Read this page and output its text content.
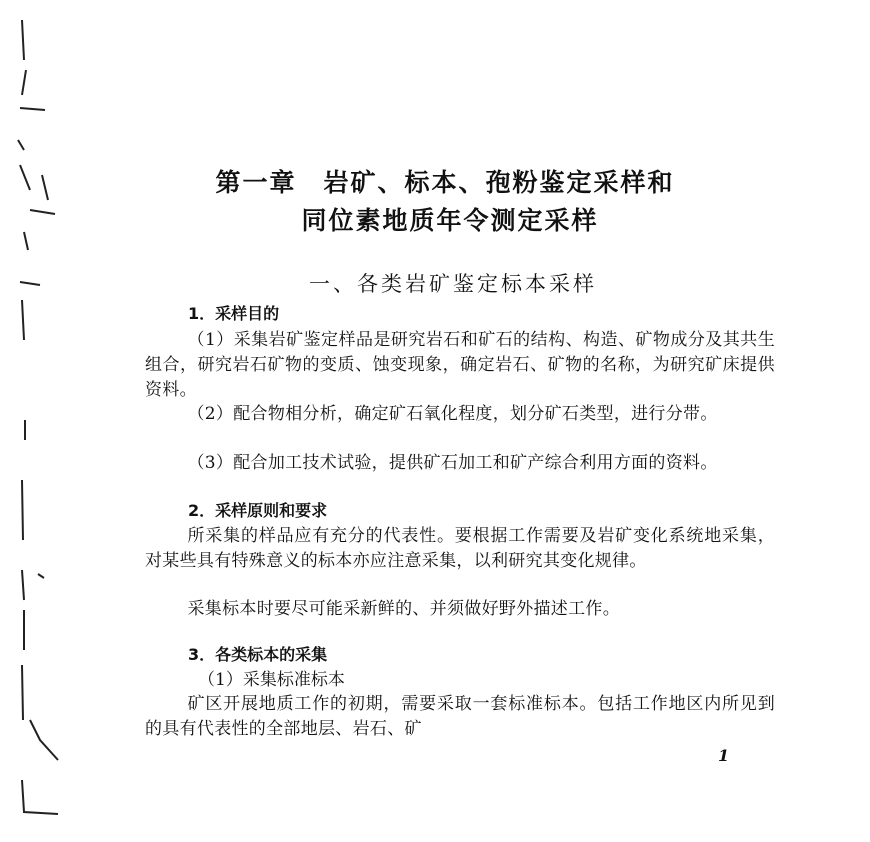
第一章　岩矿、标本、孢粉鉴定采样和
同位素地质年令测定采样
一、各类岩矿鉴定标本采样
1．采样目的
（1）采集岩矿鉴定样品是研究岩石和矿石的结构、构造、矿物成分及其共生组合，研究岩石矿物的变质、蚀变现象，确定岩石、矿物的名称，为研究矿床提供资料。
（2）配合物相分析，确定矿石氧化程度，划分矿石类型，进行分带。
（3）配合加工技术试验，提供矿石加工和矿产综合利用方面的资料。
2．采样原则和要求
所采集的样品应有充分的代表性。要根据工作需要及岩矿变化系统地采集，对某些具有特殊意义的标本亦应注意采集，以利研究其变化规律。
采集标本时要尽可能采新鲜的、并须做好野外描述工作。
3．各类标本的采集
（1）采集标准标本
矿区开展地质工作的初期，需要采取一套标准标本。包括工作地区内所见到的具有代表性的全部地层、岩石、矿
1
